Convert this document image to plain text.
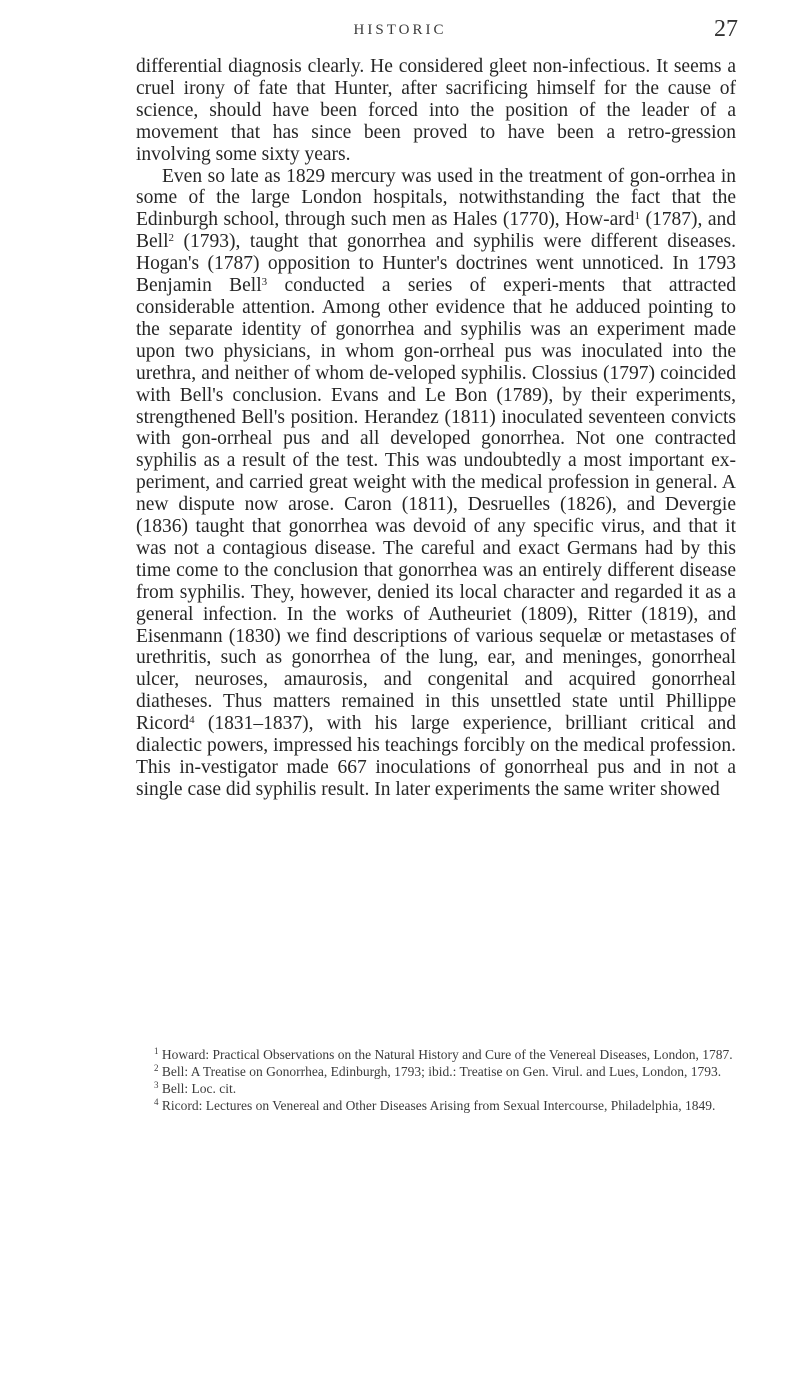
HISTORIC	27

differential diagnosis clearly. He considered gleet non-infectious. It seems a cruel irony of fate that Hunter, after sacrificing himself for the cause of science, should have been forced into the position of the leader of a movement that has since been proved to have been a retro-gression involving some sixty years.

Even so late as 1829 mercury was used in the treatment of gon-orrhea in some of the large London hospitals, notwithstanding the fact that the Edinburgh school, through such men as Hales (1770), How-ard$^1$ (1787), and Bell$^2$ (1793), taught that gonorrhea and syphilis were different diseases. Hogan's (1787) opposition to Hunter's doctrines went unnoticed. In 1793 Benjamin Bell$^3$ conducted a series of experi-ments that attracted considerable attention. Among other evidence that he adduced pointing to the separate identity of gonorrhea and syphilis was an experiment made upon two physicians, in whom gon-orrheal pus was inoculated into the urethra, and neither of whom de-veloped syphilis. Clossius (1797) coincided with Bell's conclusion. Evans and Le Bon (1789), by their experiments, strengthened Bell's position. Herandez (1811) inoculated seventeen convicts with gon-orrheal pus and all developed gonorrhea. Not one contracted syphilis as a result of the test. This was undoubtedly a most important ex-periment, and carried great weight with the medical profession in general. A new dispute now arose. Caron (1811), Desruelles (1826), and Devergie (1836) taught that gonorrhea was devoid of any specific virus, and that it was not a contagious disease. The careful and exact Germans had by this time come to the conclusion that gonorrhea was an entirely different disease from syphilis. They, however, denied its local character and regarded it as a general infection. In the works of Autheuriet (1809), Ritter (1819), and Eisenmann (1830) we find descriptions of various sequelæ or metastases of urethritis, such as gonorrhea of the lung, ear, and meninges, gonorrheal ulcer, neuroses, amaurosis, and congenital and acquired gonorrheal diatheses. Thus matters remained in this unsettled state until Phillippe Ricord$^4$ (1831–1837), with his large experience, brilliant critical and dialectic powers, impressed his teachings forcibly on the medical profession. This in-vestigator made 667 inoculations of gonorrheal pus and in not a single case did syphilis result. In later experiments the same writer showed

$^1$ Howard: Practical Observations on the Natural History and Cure of the Venereal Diseases, London, 1787.

$^2$ Bell: A Treatise on Gonorrhea, Edinburgh, 1793; ibid.: Treatise on Gen. Virul. and Lues, London, 1793.

$^3$ Bell: Loc. cit.

$^4$ Ricord: Lectures on Venereal and Other Diseases Arising from Sexual Intercourse, Philadelphia, 1849.
